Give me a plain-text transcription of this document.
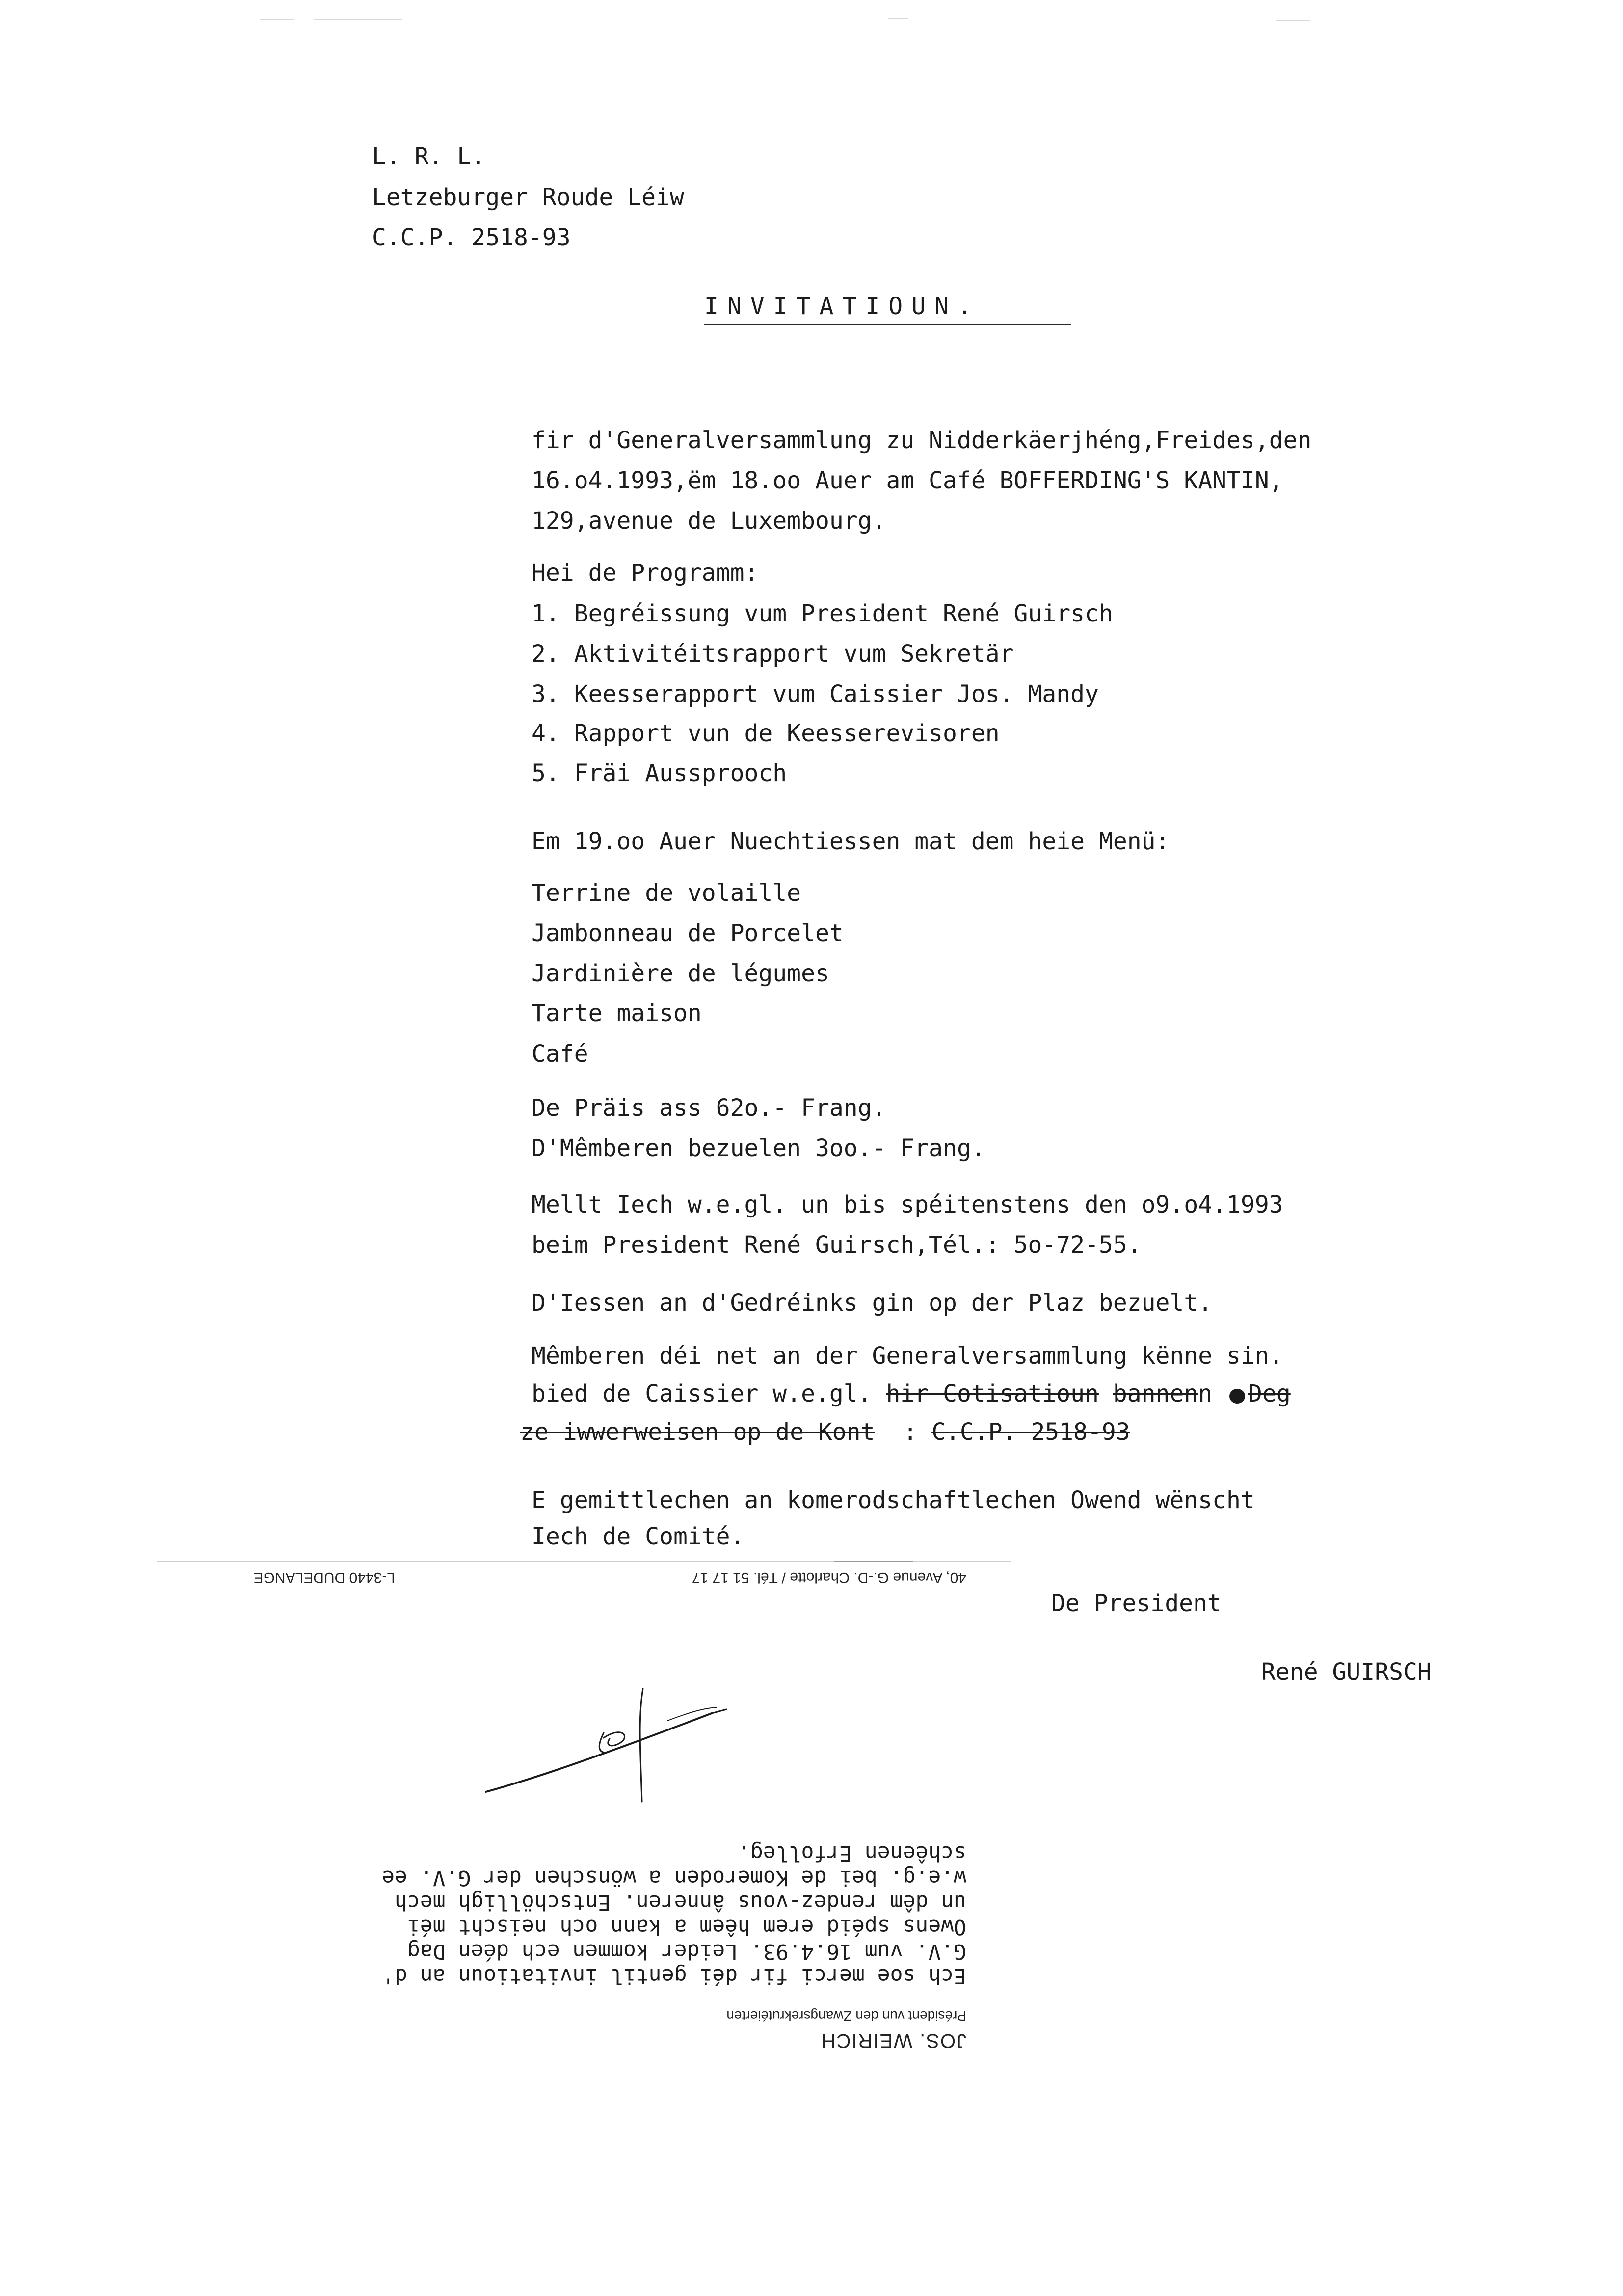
L. R. L.
Letzeburger Roude Léiw
C.C.P. 2518-93
INVITATIOUN.
fir d'Generalversammlung zu Nidderkäerjhéng,Freides,den
16.o4.1993,ëm 18.oo Auer am Café BOFFERDING'S KANTIN,
129,avenue de Luxembourg.
Hei de Programm:
1. Begréissung vum President René Guirsch
2. Aktivitéitsrapport vum Sekretär
3. Keesserapport vum Caissier Jos. Mandy
4. Rapport vun de Keesserevisoren
5. Fräi Aussprooch
Em 19.oo Auer Nuechtiessen mat dem heie Menü:
Terrine de volaille
Jambonneau de Porcelet
Jardinière de légumes
Tarte maison
Café
De Präis ass 62o.- Frang.
D'Mêmberen bezuelen 3oo.- Frang.
Mellt Iech w.e.gl. un bis spéitenstens den o9.o4.1993
beim President René Guirsch,Tél.: 5o-72-55.
D'Iessen an d'Gedréinks gin op der Plaz bezuelt.
Mêmberen déi net an der Generalversammlung kënne sin.
bied de Caissier w.e.gl. hir Cotisatioun bannenn Deg
ze iwwerweisen op de Kont  : C.C.P. 2518-93
E gemittlechen an komerodschaftlechen Owend wënscht
Iech de Comité.
De President
René GUIRSCH
JOS. WEIRICH
Président vun den Zwangsrekrutéierten
Ech soe merci fir déi gentil invitatioun an d'
G.V. vum 16.4.93. Leider kommen ech déen Dag
Owens spéid erem hêem a kann och neischt méi
un dêm rendez-vous ânneren. Entschölligh mech
w.e.g. bei de Komeroden a wönschen der G.V. ee
schêenen Erfolleg.
40, Avenue G.-D. Charlotte / Tél. 51 17 17
L-3440 DUDELANGE
